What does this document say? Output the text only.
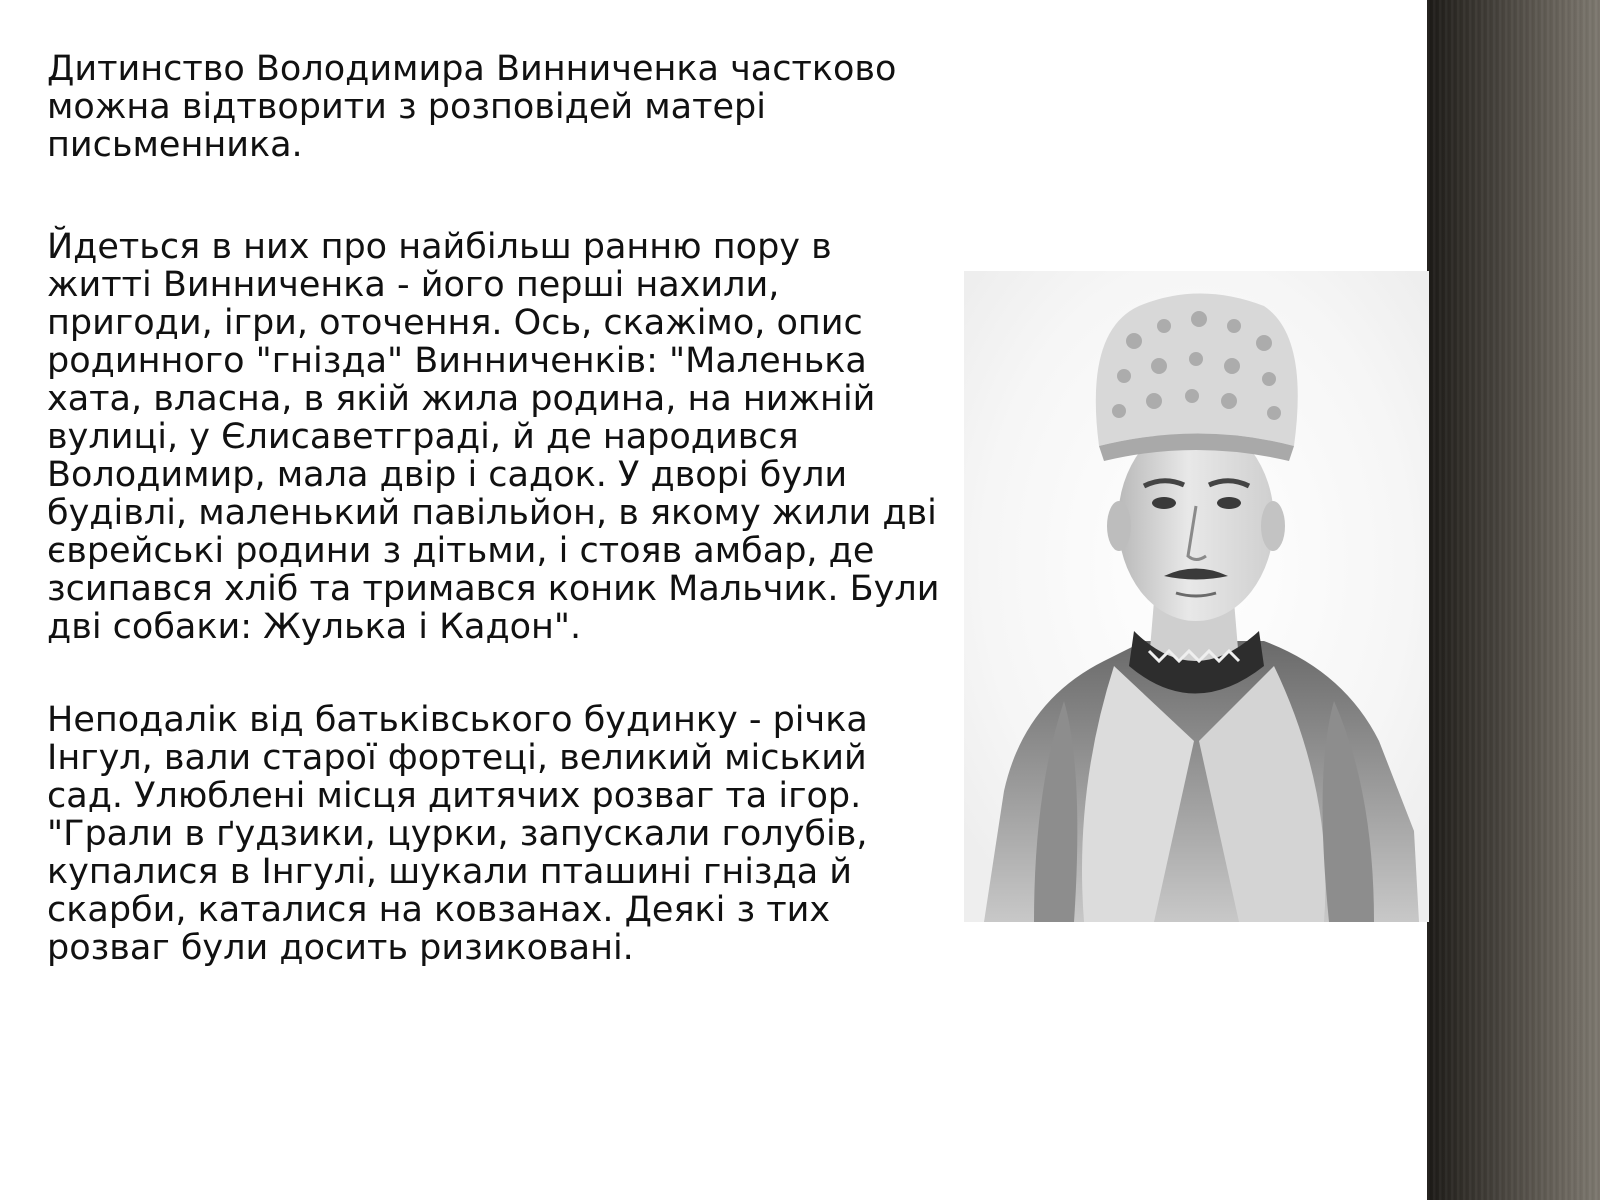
Дитинство Володимира Винниченка частково
можна відтворити з розповідей матері
письменника.

Йдеться в них про найбільш ранню пору в
житті Винниченка - його перші нахили,
пригоди, ігри, оточення. Ось, скажімо, опис
родинного "гнізда" Винниченків: "Маленька
хата, власна, в якій жила родина, на нижній
вулиці, у Єлисаветграді, й де народився
Володимир, мала двір і садок. У дворі були
будівлі, маленький павільйон, в якому жили дві
єврейські родини з дітьми, і стояв амбар, де
зсипався хліб та тримався коник Мальчик. Були
дві собаки: Жулька і Кадон".

Неподалік від батьківського будинку - річка
Інгул, вали старої фортеці, великий міський
сад. Улюблені місця дитячих розваг та ігор.
"Грали в ґудзики, цурки, запускали голубів,
купалися в Інгулі, шукали пташині гнізда й
скарби, каталися на ковзанах. Деякі з тих
розваг були досить ризиковані.
